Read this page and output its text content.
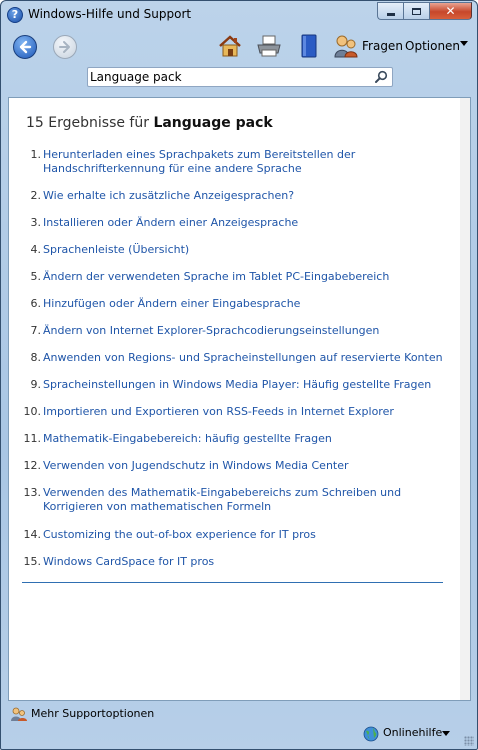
? Windows-Hilfe und Support	✕
Fragen Optionen
Language pack
15 Ergebnisse für Language pack
1. Herunterladen eines Sprachpakets zum Bereitstellen der Handschrifterkennung für eine andere Sprache
2. Wie erhalte ich zusätzliche Anzeigesprachen?
3. Installieren oder Ändern einer Anzeigesprache
4. Sprachenleiste (Übersicht)
5. Ändern der verwendeten Sprache im Tablet PC-Eingabebereich
6. Hinzufügen oder Ändern einer Eingabesprache
7. Ändern von Internet Explorer-Sprachcodierungseinstellungen
8. Anwenden von Regions- und Spracheinstellungen auf reservierte Konten
9. Spracheinstellungen in Windows Media Player: Häufig gestellte Fragen
10. Importieren und Exportieren von RSS-Feeds in Internet Explorer
11. Mathematik-Eingabebereich: häufig gestellte Fragen
12. Verwenden von Jugendschutz in Windows Media Center
13. Verwenden des Mathematik-Eingabebereichs zum Schreiben und Korrigieren von mathematischen Formeln
14. Customizing the out-of-box experience for IT pros
15. Windows CardSpace for IT pros
Mehr Supportoptionen
Onlinehilfe
